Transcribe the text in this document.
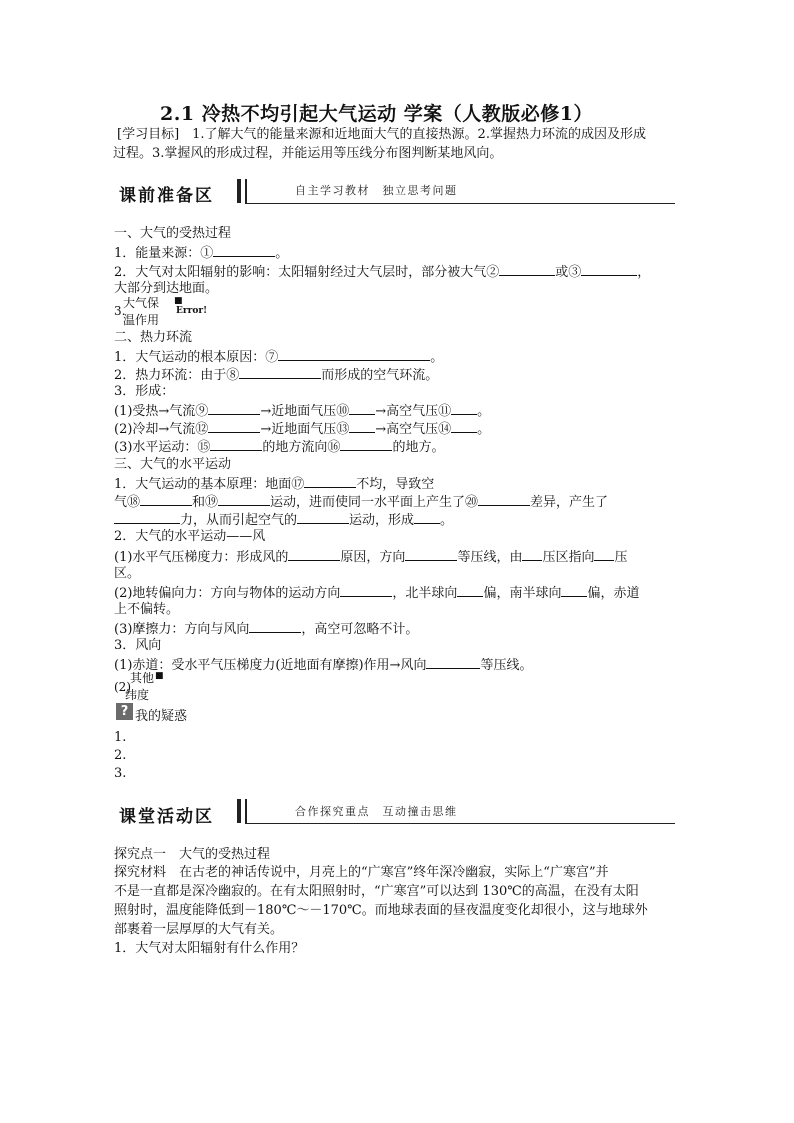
2.1 冷热不均引起大气运动 学案（人教版必修1）
[学习目标]　1.了解大气的能量来源和近地面大气的直接热源。2.掌握热力环流的成因及形成
过程。3.掌握风的形成过程，并能运用等压线分布图判断某地风向。
课前准备区	自主学习教材　独立思考问题
一、大气的受热过程
1．能量来源：①	。
2．大气对太阳辐射的影响：太阳辐射经过大气层时，部分被大气②	或③	，
大部分到达地面。
3.
大气保 ■
温作用
Error!
二、热力环流
1．大气运动的根本原因：⑦	。
2．热力环流：由于⑧	而形成的空气环流。
3．形成：
(1)受热→气流⑨	→近地面气压⑩ →高空气压⑪ 。
(2)冷却→气流⑫	→近地面气压⑬ →高空气压⑭ 。
(3)水平运动：⑮	的地方流向⑯	的地方。
三、大气的水平运动
1．大气运动的基本原理：地面⑰	不均，导致空
气⑱	和⑲	运动，进而使同一水平面上产生了⑳	差异，产生了
力，从而引起空气的	运动，形成 。
2．大气的水平运动——风
(1)水平气压梯度力：形成风的	原因，方向	等压线，由 压区指向 压
区。
(2)地转偏向力：方向与物体的运动方向	，北半球向 偏，南半球向 偏，赤道
上不偏转。
(3)摩擦力：方向与风向	，高空可忽略不计。
3．风向
(1)赤道：受水平气压梯度力(近地面有摩擦)作用→风向	等压线。
(2)
其他 ■
纬度
? 我的疑惑
1.
2.
3.
课堂活动区	合作探究重点　互动撞击思维
探究点一　大气的受热过程
探究材料　在古老的神话传说中，月亮上的“广寒宫”终年深冷幽寂，实际上“广寒宫”并
不是一直都是深冷幽寂的。在有太阳照射时，“广寒宫”可以达到 130℃的高温，在没有太阳
照射时，温度能降低到－180℃～－170℃。而地球表面的昼夜温度变化却很小，这与地球外
部裹着一层厚厚的大气有关。
1．大气对太阳辐射有什么作用？
